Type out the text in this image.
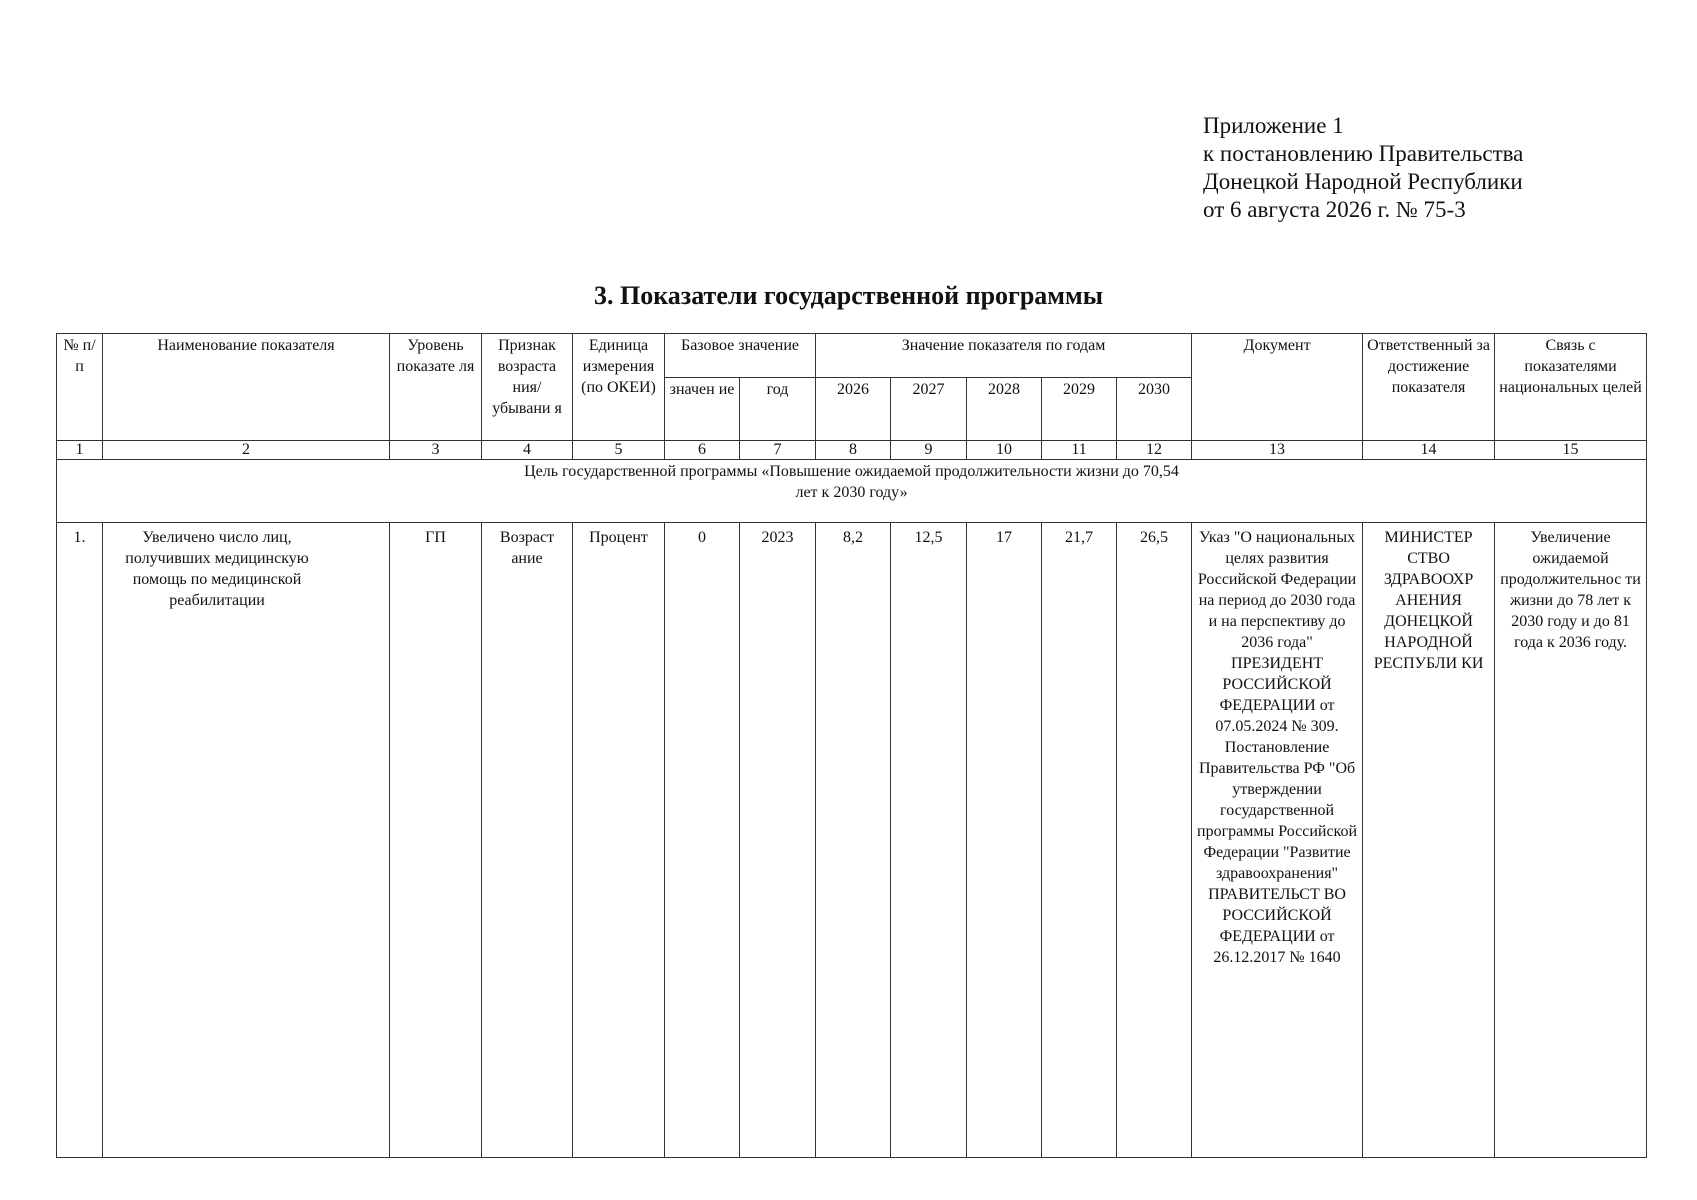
Приложение 1
к постановлению Правительства
Донецкой Народной Республики
от 6 августа 2026 г. № 75-3
3. Показатели государственной программы
№ п/ п	Наименование показателя	Уровень показате ля	Признак возраста ния/ убывани я	Единица измерения (по ОКЕИ)	Базовое значение		Значение показателя по годам					Документ	Ответственный за достижение показателя	Связь с показателями национальных целей
					значен ие	год	2026	2027	2028	2029	2030			
1	2	3	4	5	6	7	8	9	10	11	12	13	14	15

Цель государственной программы «Повышение ожидаемой продолжительности жизни до 70,54 лет к 2030 году»														

1.	Увеличено число лиц, получивших медицинскую помощь по медицинской реабилитации	ГП	Возраст ание	Процент	0	2023	8,2	12,5	17	21,7	26,5	Указ "О национальных целях развития Российской Федерации на период до 2030 года и на перспективу до 2036 года" ПРЕЗИДЕНТ РОССИЙСКОЙ ФЕДЕРАЦИИ от 07.05.2024 № 309. Постановление Правительства РФ "Об утверждении государственной программы Российской Федерации "Развитие здравоохранения" ПРАВИТЕЛЬСТ ВО РОССИЙСКОЙ ФЕДЕРАЦИИ от 26.12.2017 № 1640	МИНИСТЕР СТВО ЗДРАВООХР АНЕНИЯ ДОНЕЦКОЙ НАРОДНОЙ РЕСПУБЛИ КИ	Увеличение ожидаемой продолжительнос ти жизни до 78 лет к 2030 году и до 81 года к 2036 году.
